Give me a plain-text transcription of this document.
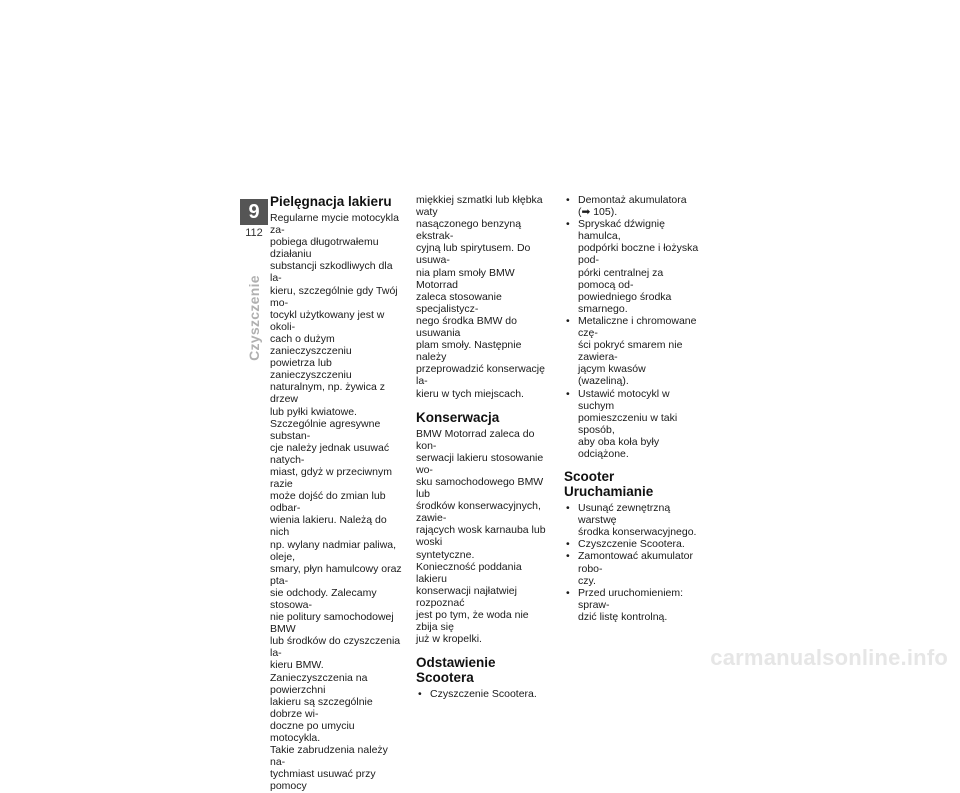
9
112
Czyszczenie
Pielęgnacja lakieru

Regularne mycie motocykla za-
pobiega długotrwałemu działaniu
substancji szkodliwych dla la-
kieru, szczególnie gdy Twój mo-
tocykl użytkowany jest w okoli-
cach o dużym zanieczyszczeniu
powietrza lub zanieczyszczeniu
naturalnym, np. żywica z drzew
lub pyłki kwiatowe.

Szczególnie agresywne substan-
cje należy jednak usuwać natych-
miast, gdyż w przeciwnym razie
może dojść do zmian lub odbar-
wienia lakieru. Należą do nich
np. wylany nadmiar paliwa, oleje,
smary, płyn hamulcowy oraz pta-
sie odchody. Zalecamy stosowa-
nie politury samochodowej BMW
lub środków do czyszczenia la-
kieru BMW.

Zanieczyszczenia na powierzchni
lakieru są szczególnie dobrze wi-
doczne po umyciu motocykla.
Takie zabrudzenia należy na-
tychmiast usuwać przy pomocy

miękkiej szmatki lub kłębka waty
nasączonego benzyną ekstrak-
cyjną lub spirytusem. Do usuwa-
nia plam smoły BMW Motorrad
zaleca stosowanie specjalistycz-
nego środka BMW do usuwania
plam smoły. Następnie należy
przeprowadzić konserwację la-
kieru w tych miejscach.

Konserwacja

BMW Motorrad zaleca do kon-
serwacji lakieru stosowanie wo-
sku samochodowego BMW lub
środków konserwacyjnych, zawie-
rających wosk karnauba lub woski
syntetyczne.

Konieczność poddania lakieru
konserwacji najłatwiej rozpoznać
jest po tym, że woda nie zbija się
już w kropelki.

Odstawienie Scootera
• Czyszczenie Scootera.
• Demontaż akumulatora
(➡ 105).
• Spryskać dźwignię hamulca,
podpórki boczne i łożyska pod-
pórki centralnej za pomocą od-
powiedniego środka smarnego.
• Metaliczne i chromowane czę-
ści pokryć smarem nie zawiera-
jącym kwasów (wazeliną).
• Ustawić motocykl w suchym
pomieszczeniu w taki sposób,
aby oba koła były odciążone.
Scooter Uruchamianie
• Usunąć zewnętrzną warstwę
środka konserwacyjnego.
• Czyszczenie Scootera.
• Zamontować akumulator robo-
czy.
• Przed uruchomieniem: spraw-
dzić listę kontrolną.
carmanualsonline.info
